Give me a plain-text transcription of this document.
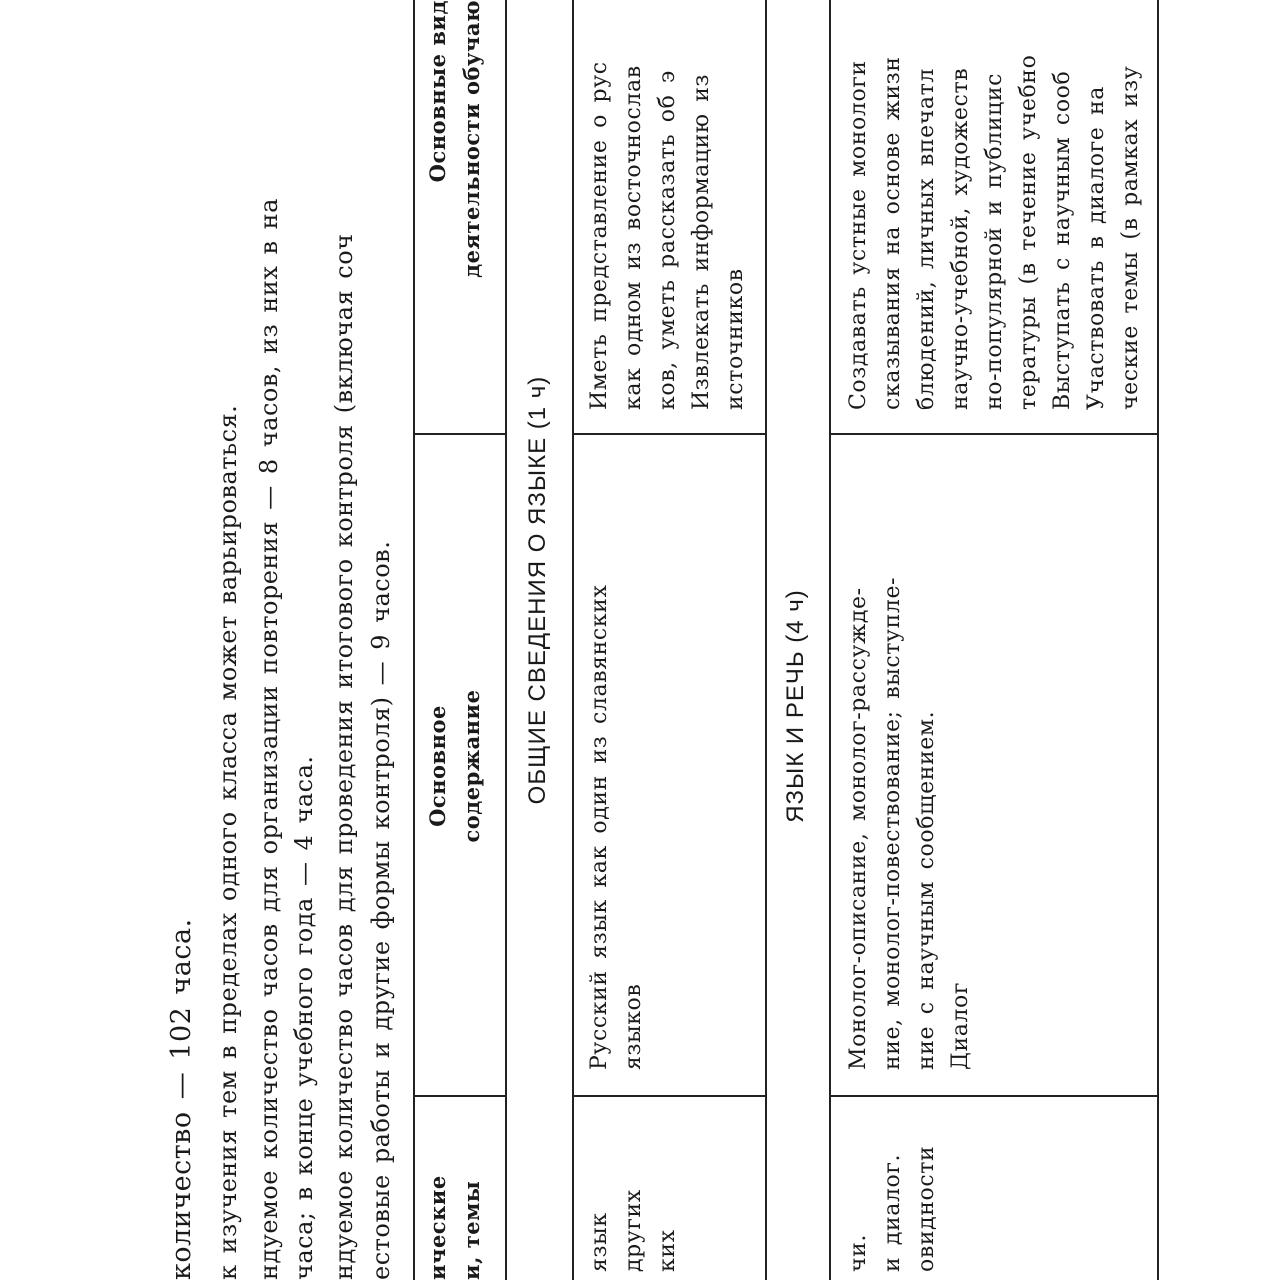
количество — 102 часа. к изучения тем в пределах одного класса может варьироваться. ндуемое количество часов для организации повторения — 8 часов, из них в на часа; в конце учебного года — 4 часа. ндуемое количество часов для проведения итогового контроля (включая соч естовые работы и другие формы контроля) — 9 часов. ические и, темы
Основное содержание
Основные вид деятельности обучаю
ОБЩИЕ СВЕДЕНИЯ О ЯЗЫКЕ (1 ч)
язык других ких
Русский язык как один из славянских языков
Иметь представление о рус как одном из восточнослав ков, уметь рассказать об э Извлекать информацию из источников
ЯЗЫК И РЕЧЬ (4 ч)
чи. и диалог. овидности
Монолог-описание, монолог-рассужде- ние, монолог-повествование; выступле- ние с научным сообщением. Диалог
Создавать устные монологи сказывания на основе жизн блюдений, личных впечатл научно-учебной, художеств но-популярной и публицис тературы (в течение учебно Выступать с научным сооб Участвовать в диалоге на ческие темы (в рамках изу
